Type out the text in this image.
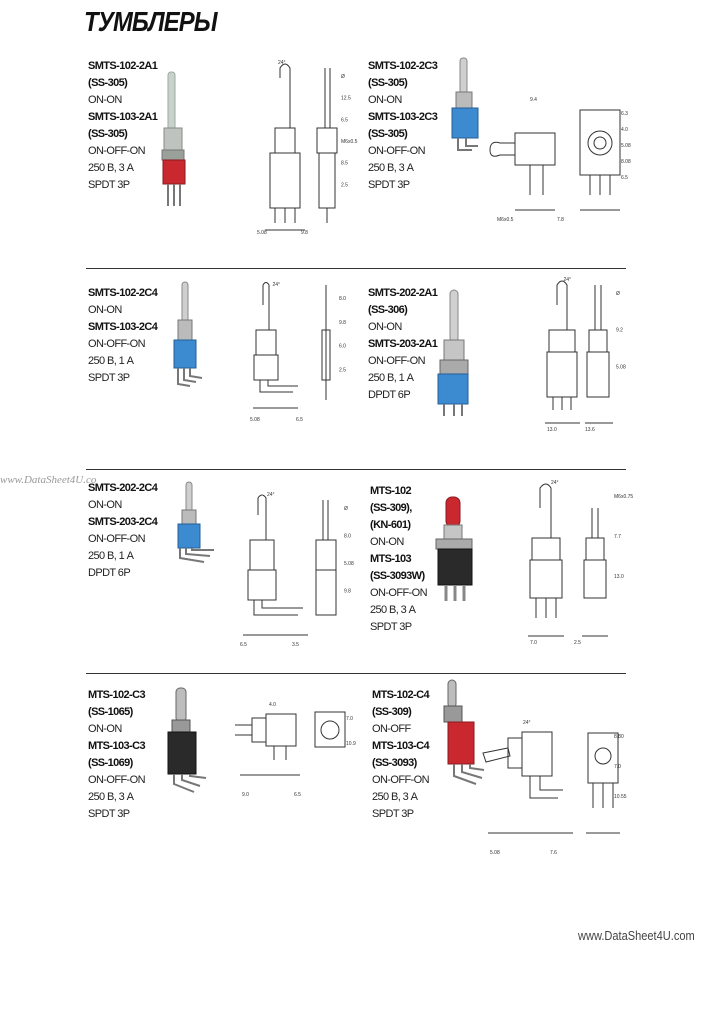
ТУМБЛЕРЫ
www.DataSheet4U.co
www.DataSheet4U.com
SMTS-102-2A1
(SS-305)
ON-ON
SMTS-103-2A1
(SS-305)
ON-OFF-ON
250 В, 3 А
SPDT 3P
SMTS-102-2C3
(SS-305)
ON-ON
SMTS-103-2C3
(SS-305)
ON-OFF-ON
250 В, 3 А
SPDT 3P
SMTS-102-2C4
ON-ON
SMTS-103-2C4
ON-OFF-ON
250 В, 1 А
SPDT 3P
SMTS-202-2A1
(SS-306)
ON-ON
SMTS-203-2A1
ON-OFF-ON
250 В, 1 А
DPDT 6P
SMTS-202-2C4
ON-ON
SMTS-203-2C4
ON-OFF-ON
250 В, 1 А
DPDT 6P
MTS-102
(SS-309),
(KN-601)
ON-ON
MTS-103
(SS-3093W)
ON-OFF-ON
250 В, 3 А
SPDT 3P
MTS-102-C3
(SS-1065)
ON-ON
MTS-103-C3
(SS-1069)
ON-OFF-ON
250 В, 3 А
SPDT 3P
MTS-102-C4
(SS-309)
ON-OFF
MTS-103-C4
(SS-3093)
ON-OFF-ON
250 В, 3 А
SPDT 3P
24°
Ø
12.5
6.5
M6x0.5
8.5
2.5
5.08	9.8
9.4
6.3
4.0
5.08
8.08
6.5
M6x0.5	7.8
24°
8.0
9.8
6.0
2.5
5.08	6.5
24°
Ø
9.2
5.08
13.0	13.6
24°
Ø
8.0
5.08
9.8
6.5	3.5
24°
M6x0.75
7.7
13.0
7.0	2.5
4.0
7.0
10.9
9.0	6.5
24°
8.80
7.0
10.55
5.08	7.6
